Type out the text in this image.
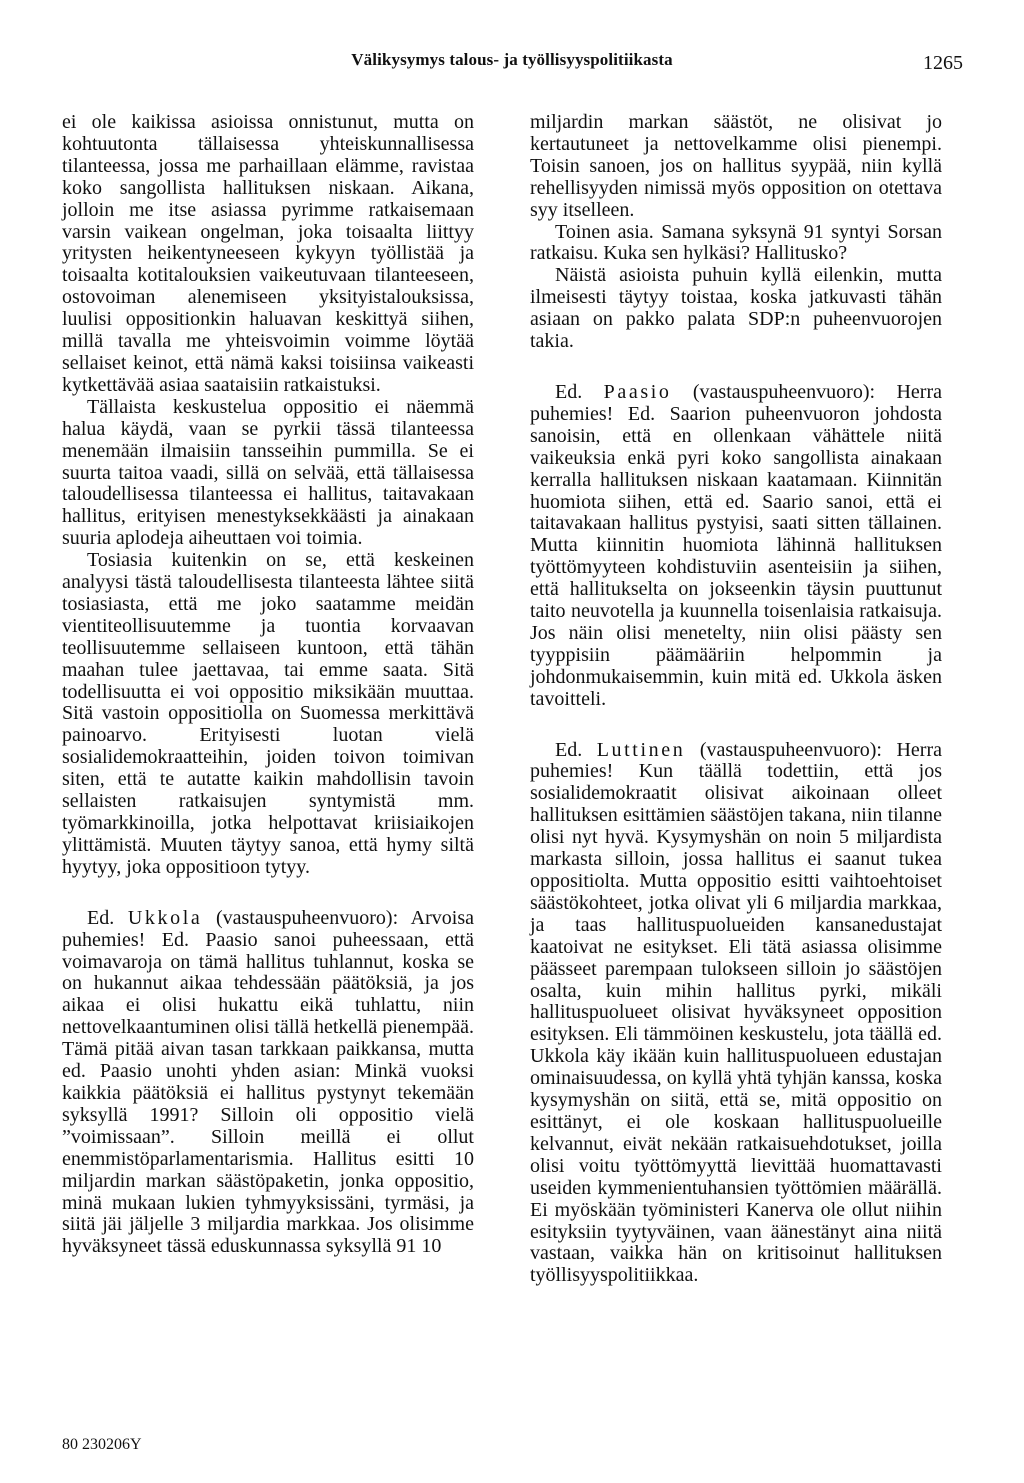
Välikysymys talous- ja työllisyyspolitiikasta	1265

ei ole kaikissa asioissa onnistunut, mutta on kohtuutonta tällaisessa yhteiskunnallisessa tilanteessa, jossa me parhaillaan elämme, ravistaa koko sangollista hallituksen niskaan. Aikana, jolloin me itse asiassa pyrimme ratkaisemaan varsin vaikean ongelman, joka toisaalta liittyy yritysten heikentyneeseen kykyyn työllistää ja toisaalta kotitalouksien vaikeutuvaan tilanteeseen, ostovoiman alenemiseen yksityistalouksissa, luulisi oppositionkin haluavan keskittyä siihen, millä tavalla me yhteisvoimin voimme löytää sellaiset keinot, että nämä kaksi toisiinsa vaikeasti kytkettävää asiaa saataisiin ratkaistuksi.

Tällaista keskustelua oppositio ei näemmä halua käydä, vaan se pyrkii tässä tilanteessa menemään ilmaisiin tansseihin pummilla. Se ei suurta taitoa vaadi, sillä on selvää, että tällaisessa taloudellisessa tilanteessa ei hallitus, taitavakaan hallitus, erityisen menestyksekkäästi ja ainakaan suuria aplodeja aiheuttaen voi toimia.

Tosiasia kuitenkin on se, että keskeinen analyysi tästä taloudellisesta tilanteesta lähtee siitä tosiasiasta, että me joko saatamme meidän vientiteollisuutemme ja tuontia korvaavan teollisuutemme sellaiseen kuntoon, että tähän maahan tulee jaettavaa, tai emme saata. Sitä todellisuutta ei voi oppositio miksikään muuttaa. Sitä vastoin oppositiolla on Suomessa merkittävä painoarvo. Erityisesti luotan vielä sosialidemokraatteihin, joiden toivon toimivan siten, että te autatte kaikin mahdollisin tavoin sellaisten ratkaisujen syntymistä mm. työmarkkinoilla, jotka helpottavat kriisiaikojen ylittämistä. Muuten täytyy sanoa, että hymy siltä hyytyy, joka oppositioon tytyy.

Ed. Ukkola (vastauspuheenvuoro): Arvoisa puhemies! Ed. Paasio sanoi puheessaan, että voimavaroja on tämä hallitus tuhlannut, koska se on hukannut aikaa tehdessään päätöksiä, ja jos aikaa ei olisi hukattu eikä tuhlattu, niin nettovelkaantuminen olisi tällä hetkellä pienempää. Tämä pitää aivan tasan tarkkaan paikkansa, mutta ed. Paasio unohti yhden asian: Minkä vuoksi kaikkia päätöksiä ei hallitus pystynyt tekemään syksyllä 1991? Silloin oli oppositio vielä ”voimissaan”. Silloin meillä ei ollut enemmistöparlamentarismia. Hallitus esitti 10 miljardin markan säästöpaketin, jonka oppositio, minä mukaan lukien tyhmyyksissäni, tyrmäsi, ja siitä jäi jäljelle 3 miljardia markkaa. Jos olisimme hyväksyneet tässä eduskunnassa syksyllä 91 10

miljardin markan säästöt, ne olisivat jo kertautuneet ja nettovelkamme olisi pienempi. Toisin sanoen, jos on hallitus syypää, niin kyllä rehellisyyden nimissä myös opposition on otettava syy itselleen.

Toinen asia. Samana syksynä 91 syntyi Sorsan ratkaisu. Kuka sen hylkäsi? Hallitusko?

Näistä asioista puhuin kyllä eilenkin, mutta ilmeisesti täytyy toistaa, koska jatkuvasti tähän asiaan on pakko palata SDP:n puheenvuorojen takia.

Ed. Paasio (vastauspuheenvuoro): Herra puhemies! Ed. Saarion puheenvuoron johdosta sanoisin, että en ollenkaan vähättele niitä vaikeuksia enkä pyri koko sangollista ainakaan kerralla hallituksen niskaan kaatamaan. Kiinnitän huomiota siihen, että ed. Saario sanoi, että ei taitavakaan hallitus pystyisi, saati sitten tällainen. Mutta kiinnitin huomiota lähinnä hallituksen työttömyyteen kohdistuviin asenteisiin ja siihen, että hallitukselta on jokseenkin täysin puuttunut taito neuvotella ja kuunnella toisenlaisia ratkaisuja. Jos näin olisi menetelty, niin olisi päästy sen tyyppisiin päämääriin helpommin ja johdonmukaisemmin, kuin mitä ed. Ukkola äsken tavoitteli.

Ed. Luttinen (vastauspuheenvuoro): Herra puhemies! Kun täällä todettiin, että jos sosialidemokraatit olisivat aikoinaan olleet hallituksen esittämien säästöjen takana, niin tilanne olisi nyt hyvä. Kysymyshän on noin 5 miljardista markasta silloin, jossa hallitus ei saanut tukea oppositiolta. Mutta oppositio esitti vaihtoehtoiset säästökohteet, jotka olivat yli 6 miljardia markkaa, ja taas hallituspuolueiden kansanedustajat kaatoivat ne esitykset. Eli tätä asiassa olisimme päässeet parempaan tulokseen silloin jo säästöjen osalta, kuin mihin hallitus pyrki, mikäli hallituspuolueet olisivat hyväksyneet opposition esityksen. Eli tämmöinen keskustelu, jota täällä ed. Ukkola käy ikään kuin hallituspuolueen edustajan ominaisuudessa, on kyllä yhtä tyhjän kanssa, koska kysymyshän on siitä, että se, mitä oppositio on esittänyt, ei ole koskaan hallituspuolueille kelvannut, eivät nekään ratkaisuehdotukset, joilla olisi voitu työttömyyttä lievittää huomattavasti useiden kymmenientuhansien työttömien määrällä. Ei myöskään työministeri Kanerva ole ollut niihin esityksiin tyytyväinen, vaan äänestänyt aina niitä vastaan, vaikka hän on kritisoinut hallituksen työllisyyspolitiikkaa.

80 230206Y
